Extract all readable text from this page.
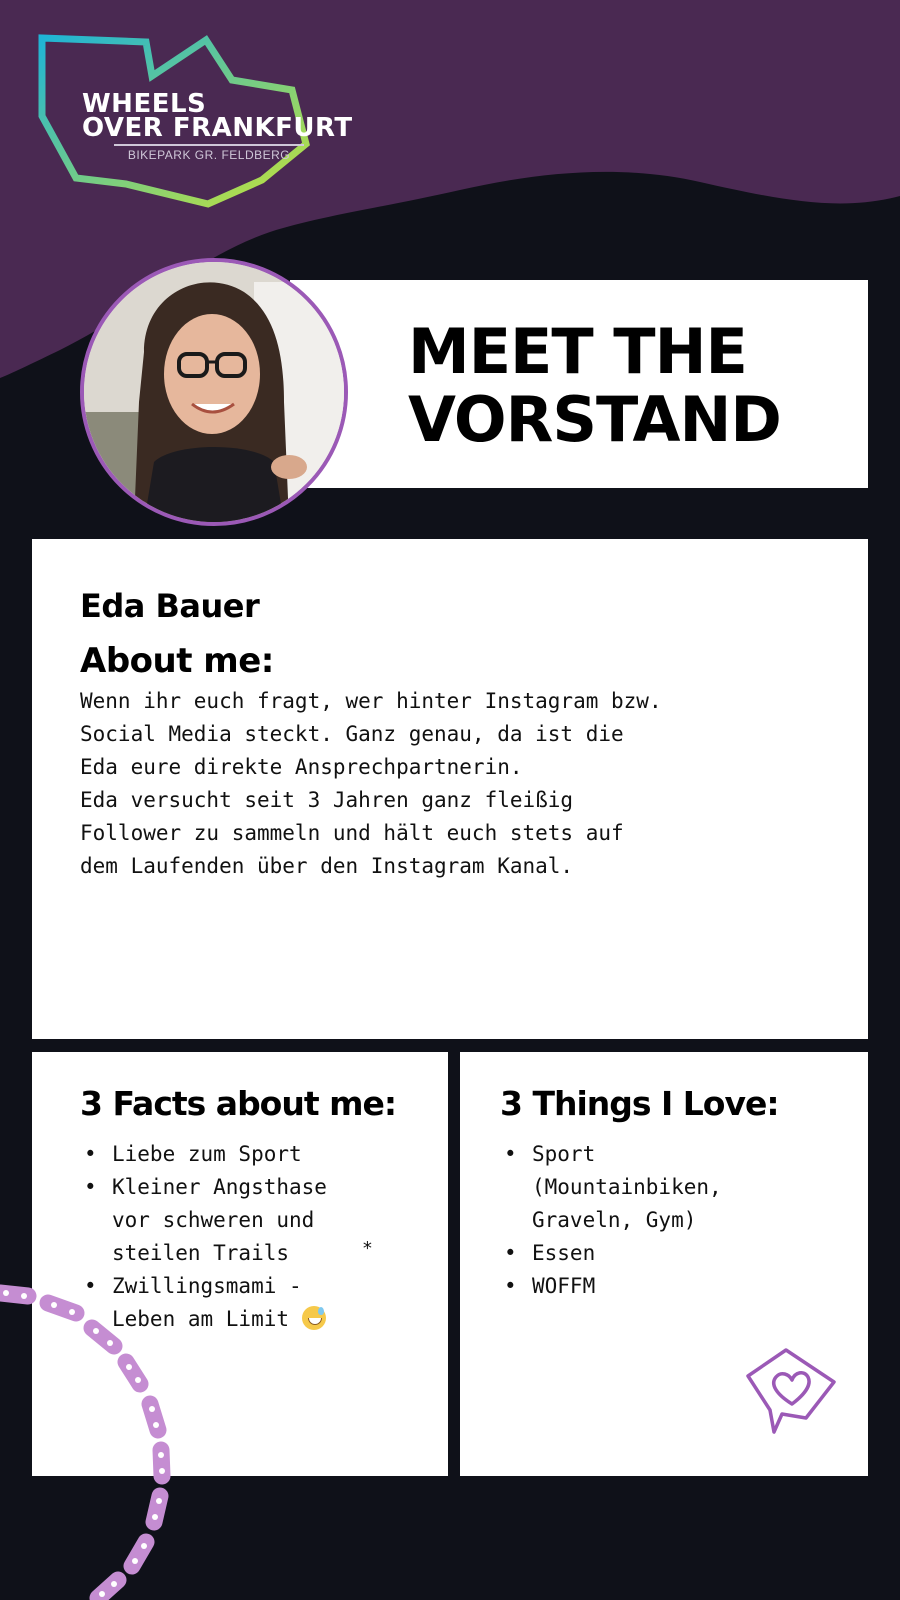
WHEELS
OVER FRANKFURT
BIKEPARK GR. FELDBERG
MEET THE
VORSTAND
Eda Bauer
About me:
Wenn ihr euch fragt, wer hinter Instagram bzw.
Social Media steckt. Ganz genau, da ist die
Eda eure direkte Ansprechpartnerin.
Eda versucht seit 3 Jahren ganz fleißig
Follower zu sammeln und hält euch stets auf
dem Laufenden über den Instagram Kanal.
3 Facts about me:
• Liebe zum Sport
• Kleiner Angsthase
vor schweren und
steilen Trails
• Zwillingsmami -
Leben am Limit
*
3 Things I Love:
• Sport
(Mountainbiken,
Graveln, Gym)
• Essen
• WOFFM
